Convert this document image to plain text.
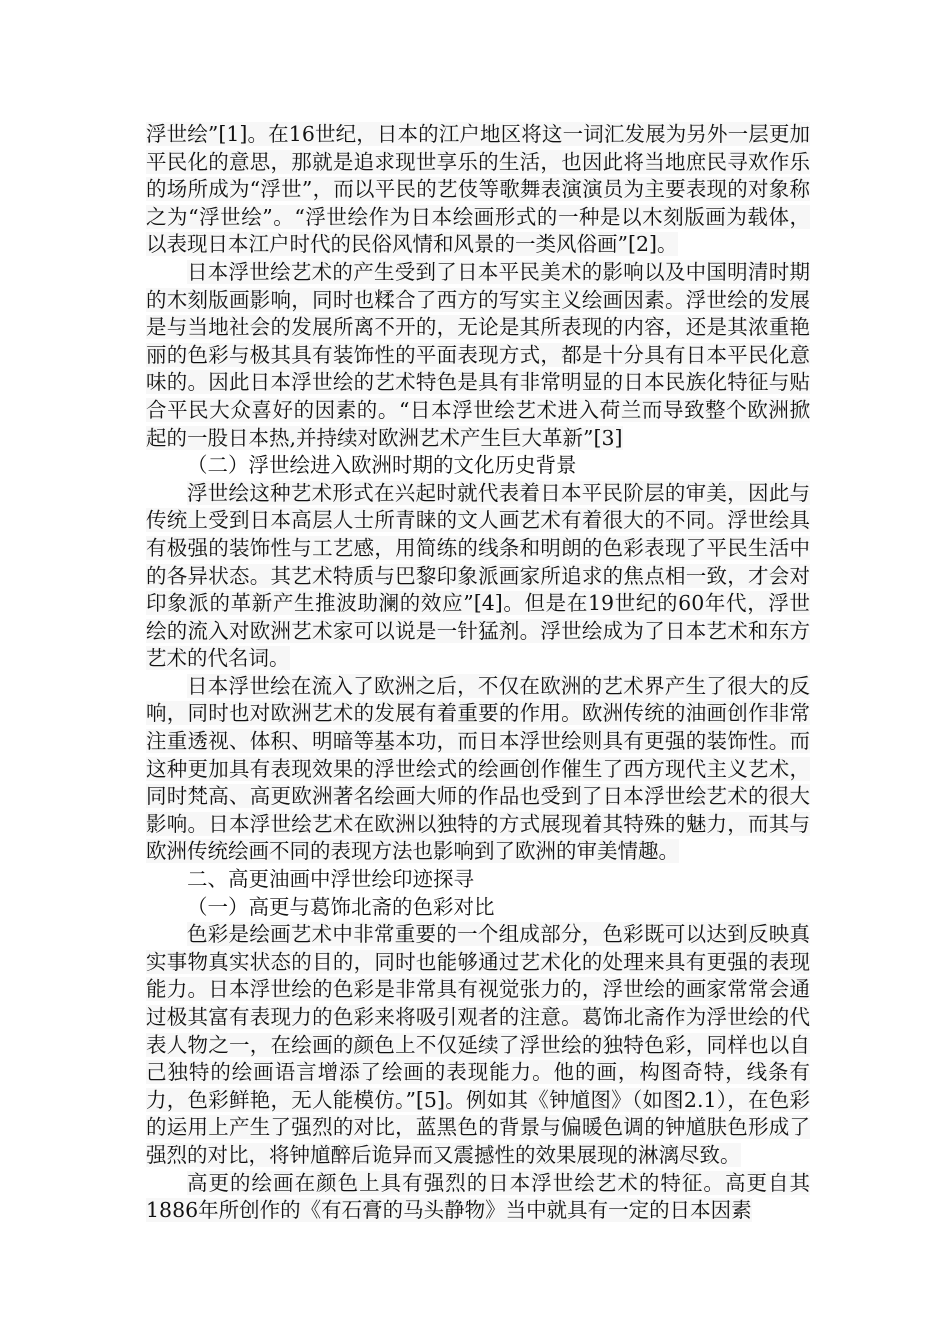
浮世绘”[1]。在16世纪，日本的江户地区将这一词汇发展为另外一层更加平民化的意思，那就是追求现世享乐的生活，也因此将当地庶民寻欢作乐的场所成为“浮世”，而以平民的艺伎等歌舞表演演员为主要表现的对象称之为“浮世绘”。“浮世绘作为日本绘画形式的一种是以木刻版画为载体，以表现日本江户时代的民俗风情和风景的一类风俗画”[2]。

日本浮世绘艺术的产生受到了日本平民美术的影响以及中国明清时期的木刻版画影响，同时也糅合了西方的写实主义绘画因素。浮世绘的发展是与当地社会的发展所离不开的，无论是其所表现的内容，还是其浓重艳丽的色彩与极其具有装饰性的平面表现方式，都是十分具有日本平民化意味的。因此日本浮世绘的艺术特色是具有非常明显的日本民族化特征与贴合平民大众喜好的因素的。“日本浮世绘艺术进入荷兰而导致整个欧洲掀起的一股日本热,并持续对欧洲艺术产生巨大革新”[3]

（二）浮世绘进入欧洲时期的文化历史背景

浮世绘这种艺术形式在兴起时就代表着日本平民阶层的审美，因此与传统上受到日本高层人士所青睐的文人画艺术有着很大的不同。浮世绘具有极强的装饰性与工艺感，用简练的线条和明朗的色彩表现了平民生活中的各异状态。其艺术特质与巴黎印象派画家所追求的焦点相一致，才会对印象派的革新产生推波助澜的效应”[4]。但是在19世纪的60年代，浮世绘的流入对欧洲艺术家可以说是一针猛剂。浮世绘成为了日本艺术和东方艺术的代名词。

日本浮世绘在流入了欧洲之后，不仅在欧洲的艺术界产生了很大的反响，同时也对欧洲艺术的发展有着重要的作用。欧洲传统的油画创作非常注重透视、体积、明暗等基本功，而日本浮世绘则具有更强的装饰性。而这种更加具有表现效果的浮世绘式的绘画创作催生了西方现代主义艺术，同时梵高、高更欧洲著名绘画大师的作品也受到了日本浮世绘艺术的很大影响。日本浮世绘艺术在欧洲以独特的方式展现着其特殊的魅力，而其与欧洲传统绘画不同的表现方法也影响到了欧洲的审美情趣。

二、高更油画中浮世绘印迹探寻

（一）高更与葛饰北斋的色彩对比

色彩是绘画艺术中非常重要的一个组成部分，色彩既可以达到反映真实事物真实状态的目的，同时也能够通过艺术化的处理来具有更强的表现能力。日本浮世绘的色彩是非常具有视觉张力的，浮世绘的画家常常会通过极其富有表现力的色彩来将吸引观者的注意。葛饰北斋作为浮世绘的代表人物之一，在绘画的颜色上不仅延续了浮世绘的独特色彩，同样也以自己独特的绘画语言增添了绘画的表现能力。他的画，构图奇特，线条有力，色彩鲜艳，无人能模仿。”[5]。例如其《钟馗图》（如图2.1），在色彩的运用上产生了强烈的对比，蓝黑色的背景与偏暖色调的钟馗肤色形成了强烈的对比，将钟馗醉后诡异而又震撼性的效果展现的淋漓尽致。

高更的绘画在颜色上具有强烈的日本浮世绘艺术的特征。高更自其1886年所创作的《有石膏的马头静物》当中就具有一定的日本因素
